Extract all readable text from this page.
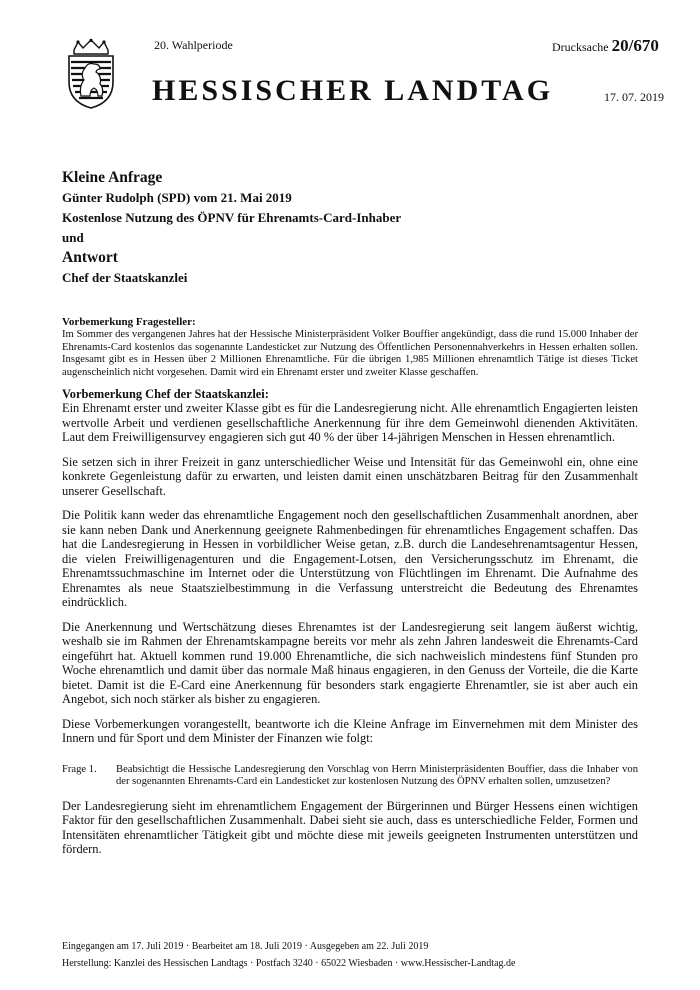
20. Wahlperiode	Drucksache 20/670
HESSISCHER LANDTAG	17. 07. 2019
Kleine Anfrage
Günter Rudolph (SPD) vom 21. Mai 2019
Kostenlose Nutzung des ÖPNV für Ehrenamts-Card-Inhaber
und
Antwort
Chef der Staatskanzlei
Vorbemerkung Fragesteller:
Im Sommer des vergangenen Jahres hat der Hessische Ministerpräsident Volker Bouffier angekündigt, dass die rund 15.000 Inhaber der Ehrenamts-Card kostenlos das sogenannte Landesticket zur Nutzung des Öffentlichen Personennahverkehrs in Hessen erhalten sollen. Insgesamt gibt es in Hessen über 2 Millionen Ehrenamtliche. Für die übrigen 1,985 Millionen ehrenamtlich Tätige ist dieses Ticket augenscheinlich nicht vorgesehen. Damit wird ein Ehrenamt erster und zweiter Klasse geschaffen.
Vorbemerkung Chef der Staatskanzlei:
Ein Ehrenamt erster und zweiter Klasse gibt es für die Landesregierung nicht. Alle ehrenamtlich Engagierten leisten wertvolle Arbeit und verdienen gesellschaftliche Anerkennung für ihre dem Gemeinwohl dienenden Aktivitäten. Laut dem Freiwilligensurvey engagieren sich gut 40 % der über 14-jährigen Menschen in Hessen ehrenamtlich.
Sie setzen sich in ihrer Freizeit in ganz unterschiedlicher Weise und Intensität für das Gemeinwohl ein, ohne eine konkrete Gegenleistung dafür zu erwarten, und leisten damit einen unschätzbaren Beitrag für den Zusammenhalt unserer Gesellschaft.
Die Politik kann weder das ehrenamtliche Engagement noch den gesellschaftlichen Zusammenhalt anordnen, aber sie kann neben Dank und Anerkennung geeignete Rahmenbedingen für ehrenamtliches Engagement schaffen. Das hat die Landesregierung in Hessen in vorbildlicher Weise getan, z.B. durch die Landesehrenamtsagentur Hessen, die vielen Freiwilligenagenturen und die Engagement-Lotsen, den Versicherungsschutz im Ehrenamt, die Ehrenamtssuchmaschine im Internet oder die Unterstützung von Flüchtlingen im Ehrenamt. Die Aufnahme des Ehrenamtes als neue Staatszielbestimmung in die Verfassung unterstreicht die Bedeutung des Ehrenamtes eindrücklich.
Die Anerkennung und Wertschätzung dieses Ehrenamtes ist der Landesregierung seit langem äußerst wichtig, weshalb sie im Rahmen der Ehrenamtskampagne bereits vor mehr als zehn Jahren landesweit die Ehrenamts-Card eingeführt hat. Aktuell kommen rund 19.000 Ehrenamtliche, die sich nachweislich mindestens fünf Stunden pro Woche ehrenamtlich und damit über das normale Maß hinaus engagieren, in den Genuss der Vorteile, die die Karte bietet. Damit ist die E-Card eine Anerkennung für besonders stark engagierte Ehrenamtler, sie ist aber auch ein Angebot, sich noch stärker als bisher zu engagieren.
Diese Vorbemerkungen vorangestellt, beantworte ich die Kleine Anfrage im Einvernehmen mit dem Minister des Innern und für Sport und dem Minister der Finanzen wie folgt:
Frage 1.	Beabsichtigt die Hessische Landesregierung den Vorschlag von Herrn Ministerpräsidenten Bouffier, dass die Inhaber von der sogenannten Ehrenamts-Card ein Landesticket zur kostenlosen Nutzung des ÖPNV erhalten sollen, umzusetzen?
Der Landesregierung sieht im ehrenamtlichem Engagement der Bürgerinnen und Bürger Hessens einen wichtigen Faktor für den gesellschaftlichen Zusammenhalt. Dabei sieht sie auch, dass es unterschiedliche Felder, Formen und Intensitäten ehrenamtlicher Tätigkeit gibt und möchte diese mit jeweils geeigneten Instrumenten unterstützen und fördern.
Eingegangen am 17. Juli 2019 · Bearbeitet am 18. Juli 2019 · Ausgegeben am 22. Juli 2019
Herstellung: Kanzlei des Hessischen Landtags · Postfach 3240 · 65022 Wiesbaden · www.Hessischer-Landtag.de
